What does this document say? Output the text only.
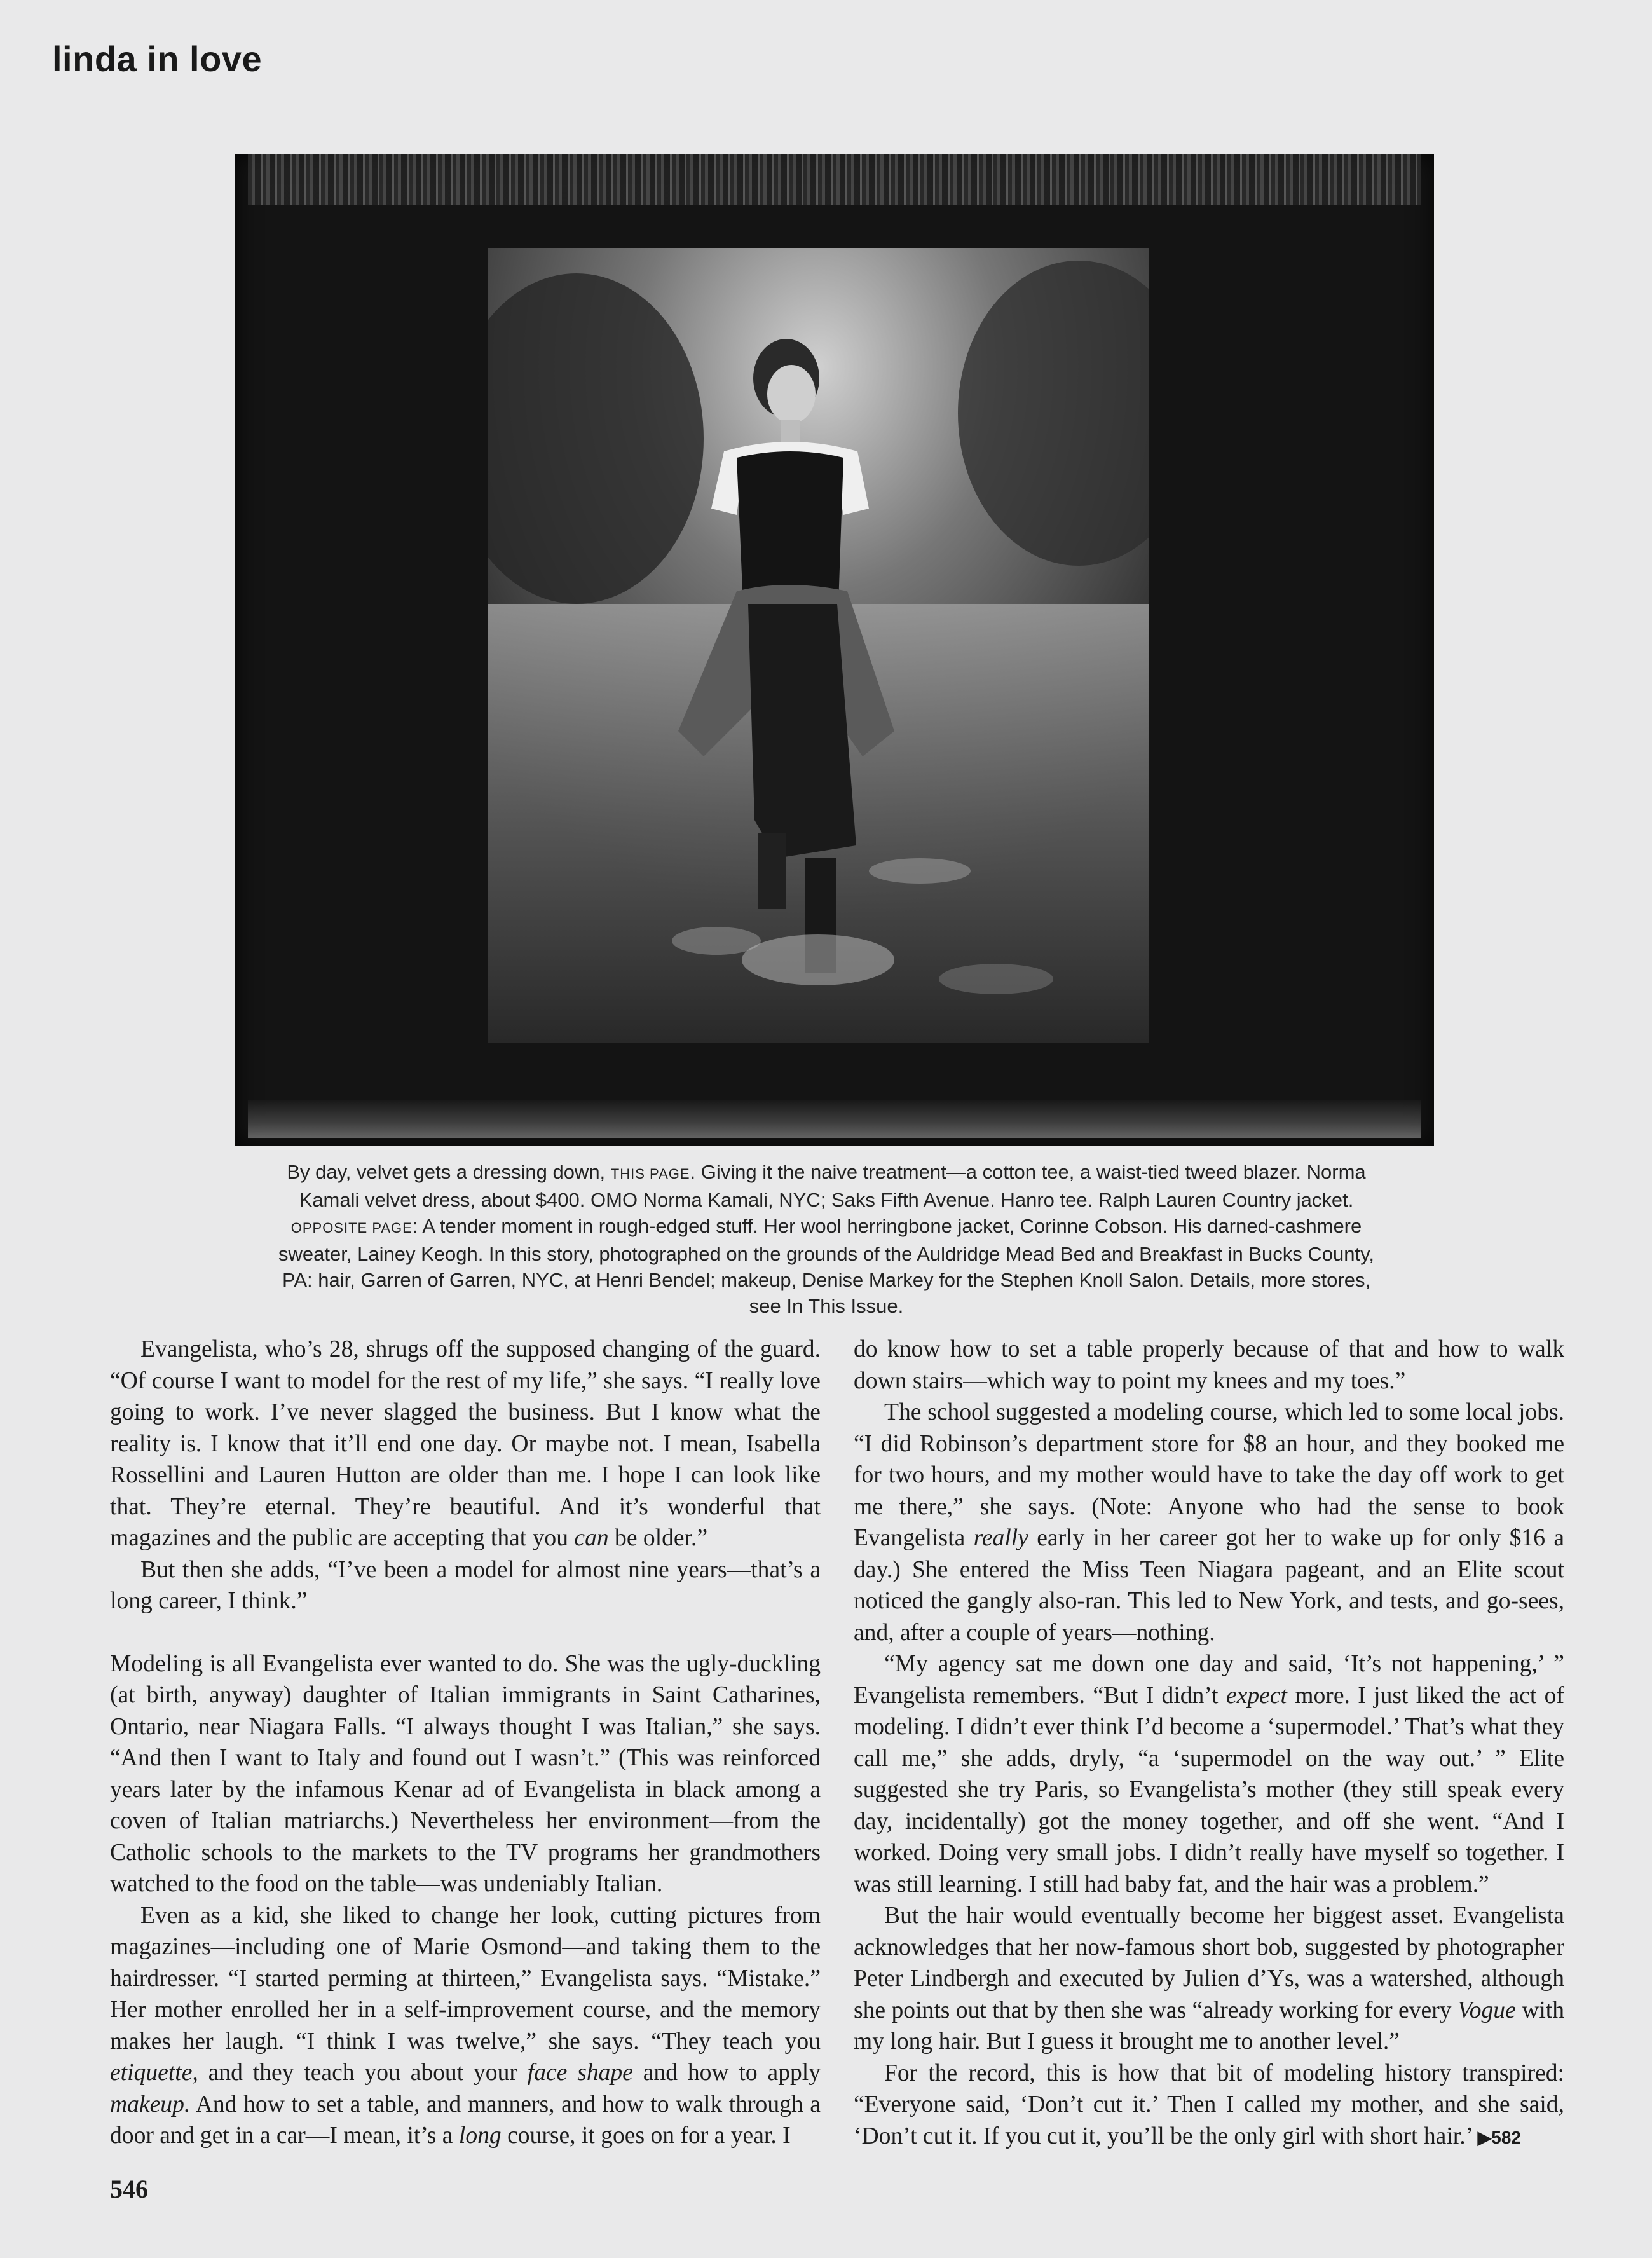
linda in love
By day, velvet gets a dressing down, THIS PAGE. Giving it the naive treatment—a cotton tee, a waist-tied tweed blazer. Norma Kamali velvet dress, about $400. OMO Norma Kamali, NYC; Saks Fifth Avenue. Hanro tee. Ralph Lauren Country jacket. OPPOSITE PAGE: A tender moment in rough-edged stuff. Her wool herringbone jacket, Corinne Cobson. His darned-cashmere sweater, Lainey Keogh. In this story, photographed on the grounds of the Auldridge Mead Bed and Breakfast in Bucks County, PA: hair, Garren of Garren, NYC, at Henri Bendel; makeup, Denise Markey for the Stephen Knoll Salon. Details, more stores, see In This Issue.

Evangelista, who’s 28, shrugs off the supposed changing of the guard. “Of course I want to model for the rest of my life,” she says. “I really love going to work. I’ve never slagged the business. But I know what the reality is. I know that it’ll end one day. Or maybe not. I mean, Isabella Rossellini and Lauren Hutton are older than me. I hope I can look like that. They’re eternal. They’re beautiful. And it’s wonderful that magazines and the public are accepting that you can be older.”

But then she adds, “I’ve been a model for almost nine years—that’s a long career, I think.”

Modeling is all Evangelista ever wanted to do. She was the ugly-duckling (at birth, anyway) daughter of Italian immigrants in Saint Catharines, Ontario, near Niagara Falls. “I always thought I was Italian,” she says. “And then I want to Italy and found out I wasn’t.” (This was reinforced years later by the infamous Kenar ad of Evangelista in black among a coven of Italian matriarchs.) Nevertheless her environment—from the Catholic schools to the markets to the TV programs her grandmothers watched to the food on the table—was undeniably Italian.

Even as a kid, she liked to change her look, cutting pictures from magazines—including one of Marie Osmond—and taking them to the hairdresser. “I started perming at thirteen,” Evangelista says. “Mistake.” Her mother enrolled her in a self-improvement course, and the memory makes her laugh. “I think I was twelve,” she says. “They teach you etiquette, and they teach you about your face shape and how to apply makeup. And how to set a table, and manners, and how to walk through a door and get in a car—I mean, it’s a long course, it goes on for a year. I

do know how to set a table properly because of that and how to walk down stairs—which way to point my knees and my toes.”

The school suggested a modeling course, which led to some local jobs. “I did Robinson’s department store for $8 an hour, and they booked me for two hours, and my mother would have to take the day off work to get me there,” she says. (Note: Anyone who had the sense to book Evangelista really early in her career got her to wake up for only $16 a day.) She entered the Miss Teen Niagara pageant, and an Elite scout noticed the gangly also-ran. This led to New York, and tests, and go-sees, and, after a couple of years—nothing.

“My agency sat me down one day and said, ‘It’s not happening,’ ” Evangelista remembers. “But I didn’t expect more. I just liked the act of modeling. I didn’t ever think I’d become a ‘supermodel.’ That’s what they call me,” she adds, dryly, “a ‘supermodel on the way out.’ ” Elite suggested she try Paris, so Evangelista’s mother (they still speak every day, incidentally) got the money together, and off she went. “And I worked. Doing very small jobs. I didn’t really have myself so together. I was still learning. I still had baby fat, and the hair was a problem.”

But the hair would eventually become her biggest asset. Evangelista acknowledges that her now-famous short bob, suggested by photographer Peter Lindbergh and executed by Julien d’Ys, was a watershed, although she points out that by then she was “already working for every Vogue with my long hair. But I guess it brought me to another level.”

For the record, this is how that bit of modeling history transpired: “Everyone said, ‘Don’t cut it.’ Then I called my mother, and she said, ‘Don’t cut it. If you cut it, you’ll be the only girl with short hair.’ ▶582

546
